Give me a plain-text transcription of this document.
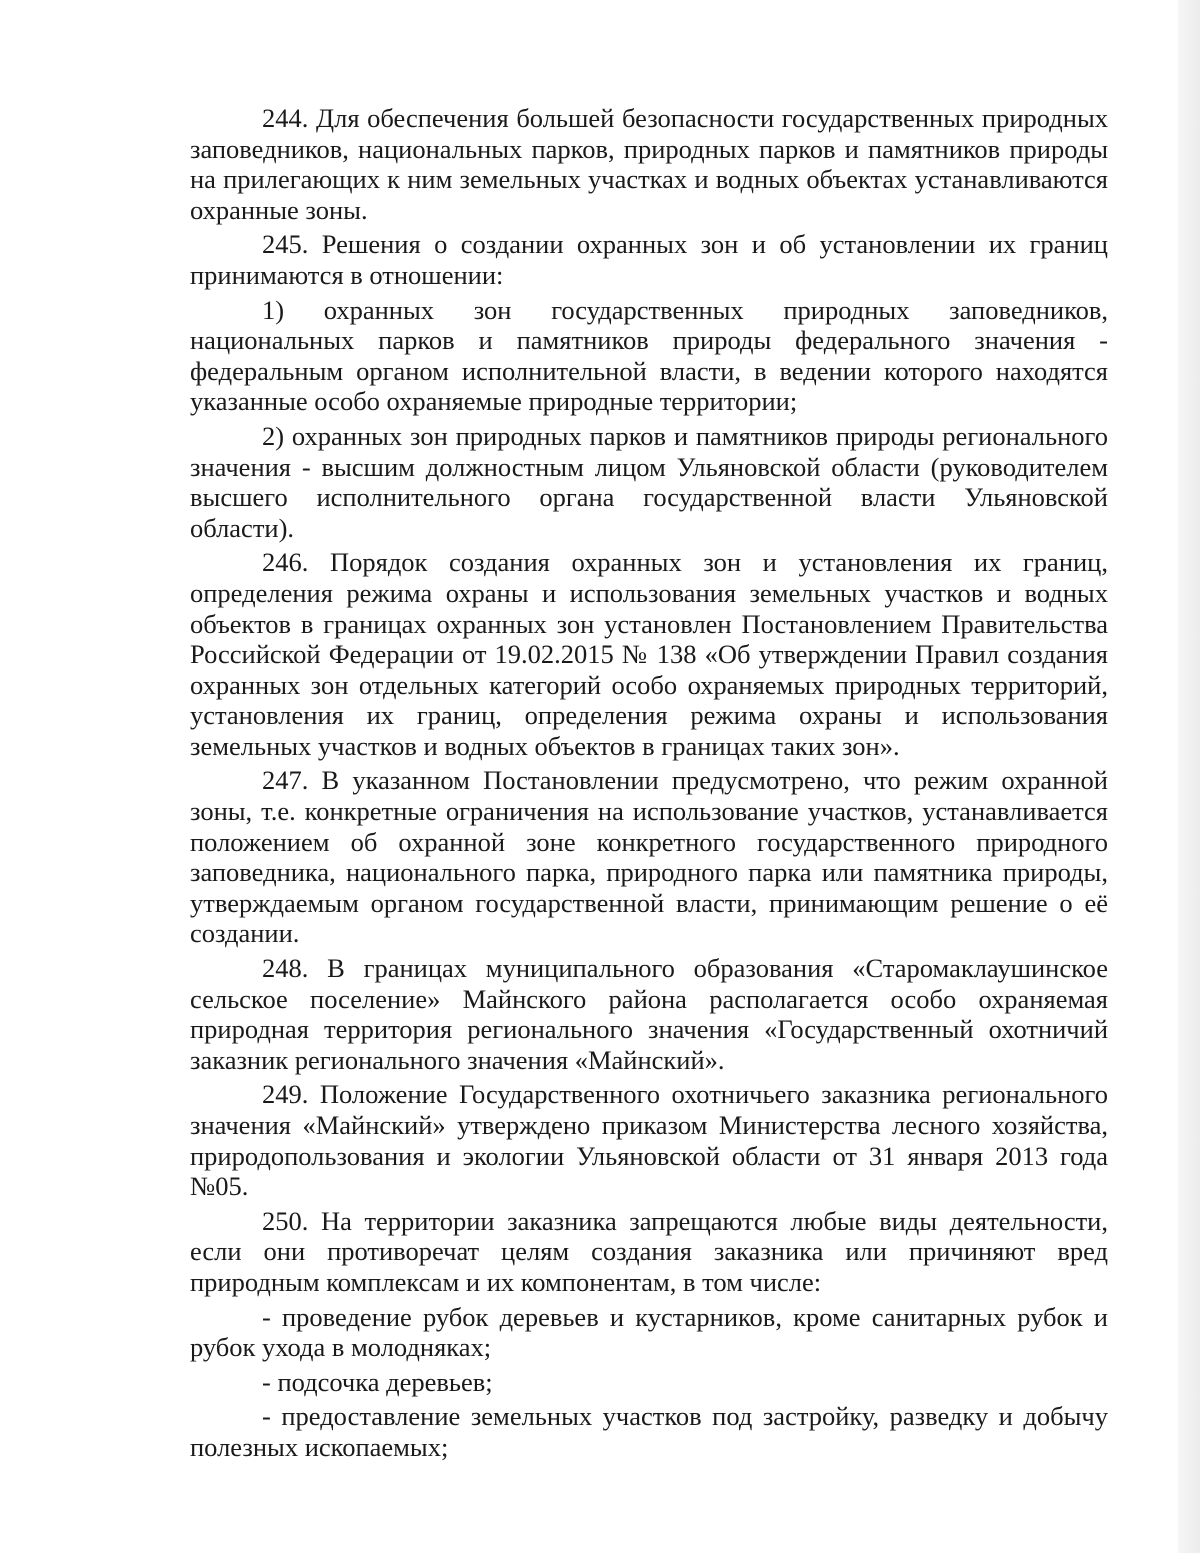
244. Для обеспечения большей безопасности государственных природных заповедников, национальных парков, природных парков и памятников природы на прилегающих к ним земельных участках и водных объектах устанавливаются охранные зоны.

245. Решения о создании охранных зон и об установлении их границ принимаются в отношении:

1) охранных зон государственных природных заповедников, национальных парков и памятников природы федерального значения - федеральным органом исполнительной власти, в ведении которого находятся указанные особо охраняемые природные территории;

2) охранных зон природных парков и памятников природы регионального значения - высшим должностным лицом Ульяновской области (руководителем высшего исполнительного органа государственной власти Ульяновской области).

246. Порядок создания охранных зон и установления их границ, определения режима охраны и использования земельных участков и водных объектов в границах охранных зон установлен Постановлением Правительства Российской Федерации от 19.02.2015 № 138 «Об утверждении Правил создания охранных зон отдельных категорий особо охраняемых природных территорий, установления их границ, определения режима охраны и использования земельных участков и водных объектов в границах таких зон».

247. В указанном Постановлении предусмотрено, что режим охранной зоны, т.е. конкретные ограничения на использование участков, устанавливается положением об охранной зоне конкретного государственного природного заповедника, национального парка, природного парка или памятника природы, утверждаемым органом государственной власти, принимающим решение о её создании.

248. В границах муниципального образования «Старомаклаушинское сельское поселение» Майнского района располагается особо охраняемая природная территория регионального значения «Государственный охотничий заказник регионального значения «Майнский».

249. Положение Государственного охотничьего заказника регионального значения «Майнский» утверждено приказом Министерства лесного хозяйства, природопользования и экологии Ульяновской области от 31 января 2013 года №05.

250. На территории заказника запрещаются любые виды деятельности, если они противоречат целям создания заказника или причиняют вред природным комплексам и их компонентам, в том числе:

- проведение рубок деревьев и кустарников, кроме санитарных рубок и рубок ухода в молодняках;

- подсочка деревьев;

- предоставление земельных участков под застройку, разведку и добычу полезных ископаемых;
